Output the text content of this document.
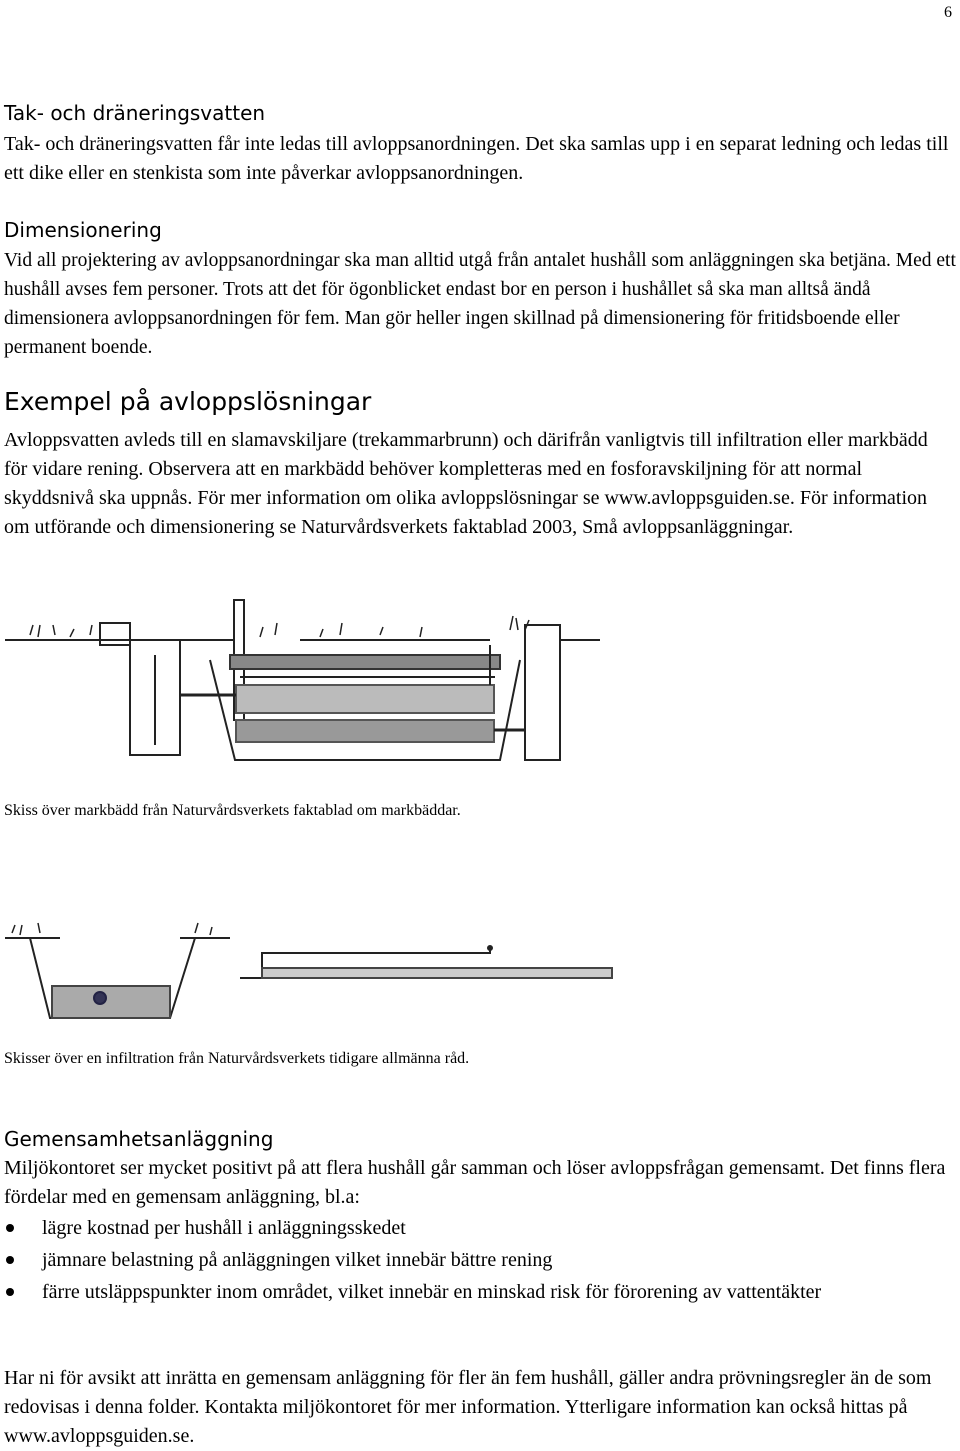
6
Tak- och dräneringsvatten
Tak- och dräneringsvatten får inte ledas till avloppsanordningen. Det ska samlas upp i en separat ledning och ledas till ett dike eller en stenkista som inte påverkar avloppsanordningen.
Dimensionering
Vid all projektering av avloppsanordningar ska man alltid utgå från antalet hushåll som anläggningen ska betjäna. Med ett hushåll avses fem personer. Trots att det för ögonblicket endast bor en person i hushållet så ska man alltså ändå dimensionera avloppsanordningen för fem. Man gör heller ingen skillnad på dimensionering för fritidsboende eller permanent boende.
Exempel på avloppslösningar
Avloppsvatten avleds till en slamavskiljare (trekammarbrunn) och därifrån vanligtvis till infiltration eller markbädd för vidare rening. Observera att en markbädd behöver kompletteras med en fosforavskiljning för att normal skyddsnivå ska uppnås. För mer information om olika avloppslösningar se www.avloppsguiden.se. För information om utförande och dimensionering se Naturvårdsverkets faktablad 2003, Små avloppsanläggningar.
Skiss över markbädd från Naturvårdsverkets faktablad om markbäddar.
Skisser över en infiltration från Naturvårdsverkets tidigare allmänna råd.
Gemensamhetsanläggning
Miljökontoret ser mycket positivt på att flera hushåll går samman och löser avloppsfrågan gemensamt. Det finns flera fördelar med en gemensam anläggning, bl.a:
lägre kostnad per hushåll i anläggningsskedet
jämnare belastning på anläggningen vilket innebär bättre rening
färre utsläppspunkter inom området, vilket innebär en minskad risk för förorening av vattentäkter
Har ni för avsikt att inrätta en gemensam anläggning för fler än fem hushåll, gäller andra prövningsregler än de som redovisas i denna folder. Kontakta miljökontoret för mer information. Ytterligare information kan också hittas på www.avloppsguiden.se.
